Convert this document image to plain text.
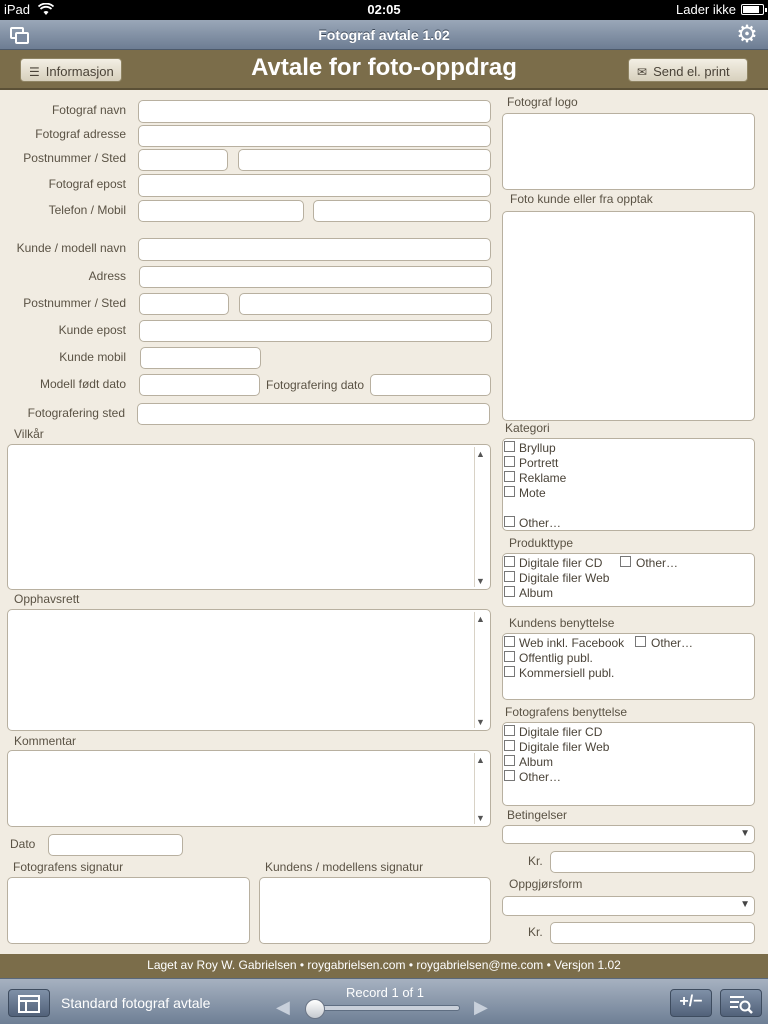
iPad	02:05	Lader ikke
Fotograf avtale 1.02	⚙
☰ Informasjon	Avtale for foto-oppdrag	✉ Send el. print
Fotograf navn
Fotograf adresse
Postnummer / Sted
Fotograf epost
Telefon / Mobil
Kunde / modell navn
Adress
Postnummer / Sted
Kunde epost
Kunde mobil
Modell født dato	Fotografering dato
Fotografering sted
Vilkår
▲
▼
Opphavsrett
▲
▼
Kommentar
▲
▼
Dato
Fotografens signatur	Kundens / modellens signatur
Fotograf logo
Foto kunde eller fra opptak
Kategori
Bryllup
Portrett
Reklame
Mote
Other…
Produkttype
Digitale filer CD	Other…
Digitale filer Web
Album
Kundens benyttelse
Web inkl. Facebook Other…
Offentlig publ.
Kommersiell publ.
Fotografens benyttelse
Digitale filer CD
Digitale filer Web
Album
Other…
Betingelser
▼
Kr.
Oppgjørsform
▼
Kr.
Laget av Roy W. Gabrielsen • roygabrielsen.com • roygabrielsen@me.com • Versjon 1.02
Standard fotograf avtale
Record 1 of 1
◀	▶	+/−
